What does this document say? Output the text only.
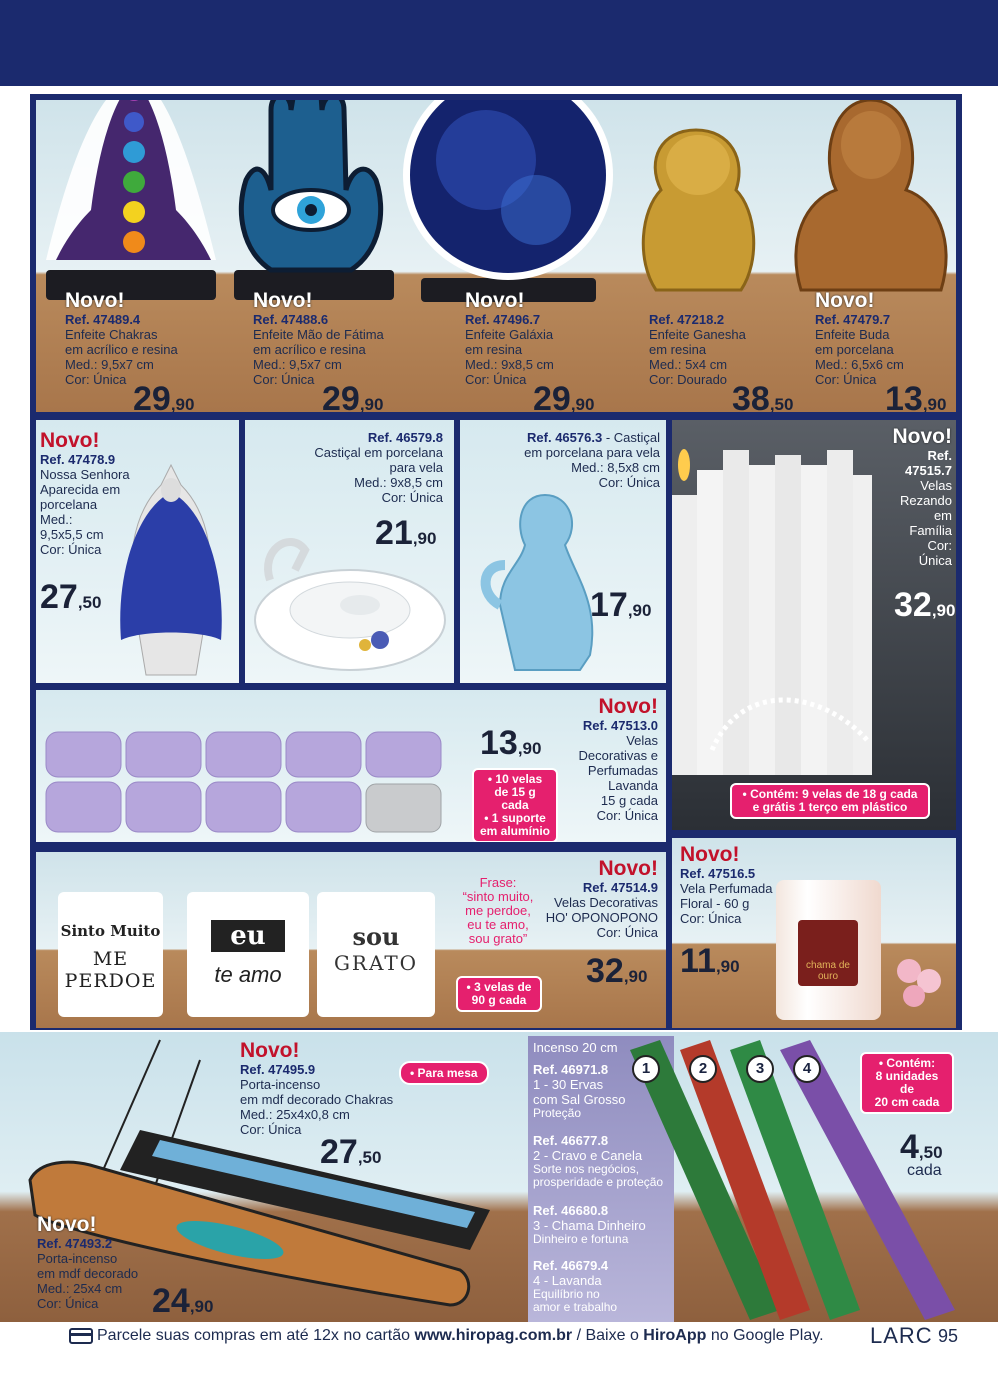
Novo!
Ref. 47489.4
Enfeite Chakras
em acrílico e resina
Med.: 9,5x7 cm
Cor: Única
29,90
Novo!
Ref. 47488.6
Enfeite Mão de Fátima
em acrílico e resina
Med.: 9,5x7 cm
Cor: Única
29,90
Novo!
Ref. 47496.7
Enfeite Galáxia
em resina
Med.: 9x8,5 cm
Cor: Única
29,90
Ref. 47218.2
Enfeite Ganesha
em resina
Med.: 5x4 cm
Cor: Dourado
38,50
Novo!
Ref. 47479.7
Enfeite Buda
em porcelana
Med.: 6,5x6 cm
Cor: Única
13,90
Novo!
Ref. 47478.9
Nossa Senhora
Aparecida em
porcelana
Med.:
9,5x5,5 cm
Cor: Única
27,50
Ref. 46579.8
Castiçal em porcelana
para vela
Med.: 9x8,5 cm
Cor: Única
21,90
Ref. 46576.3 - Castiçal
em porcelana para vela
Med.: 8,5x8 cm
Cor: Única
17,90
Novo!
Ref.
47515.7
Velas
Rezando
em
Família
Cor:
Única
32,90
• Contém: 9 velas de 18 g cada
e grátis 1 terço em plástico
13,90
• 10 velas
de 15 g cada
• 1 suporte
em alumínio
Novo!
Ref. 47513.0
Velas
Decorativas e
Perfumadas
Lavanda
15 g cada
Cor: Única
Sinto Muito
ME PERDOE
eu
te amo
sou
GRATO
Frase:
“sinto muito,
me perdoe,
eu te amo,
sou grato”
• 3 velas de
90 g cada
Novo!
Ref. 47514.9
Velas Decorativas
HO' OPONOPONO
Cor: Única
32,90
chama de ouro
Novo!
Ref. 47516.5
Vela Perfumada
Floral - 60 g
Cor: Única
11,90
Novo!
Ref. 47495.9
Porta-incenso
em mdf decorado Chakras
Med.: 25x4x0,8 cm
Cor: Única
• Para mesa
27,50
Novo!
Ref. 47493.2
Porta-incenso
em mdf decorado
Med.: 25x4 cm
Cor: Única	24,90
Incenso 20 cm
Ref. 46971.8
1 - 30 Ervas
com Sal Grosso
Proteção
Ref. 46677.8
2 - Cravo e Canela
Sorte nos negócios,
prosperidade e proteção
Ref. 46680.8
3 - Chama Dinheiro
Dinheiro e fortuna
Ref. 46679.4
4 - Lavanda
Equilíbrio no
amor e trabalho
1	2	3	4	• Contém:
8 unidades de
20 cm cada
4,50
cada
Parcele suas compras em até 12x no cartão www.hiropag.com.br / Baixe o HiroApp no Google Play. LARC 95
